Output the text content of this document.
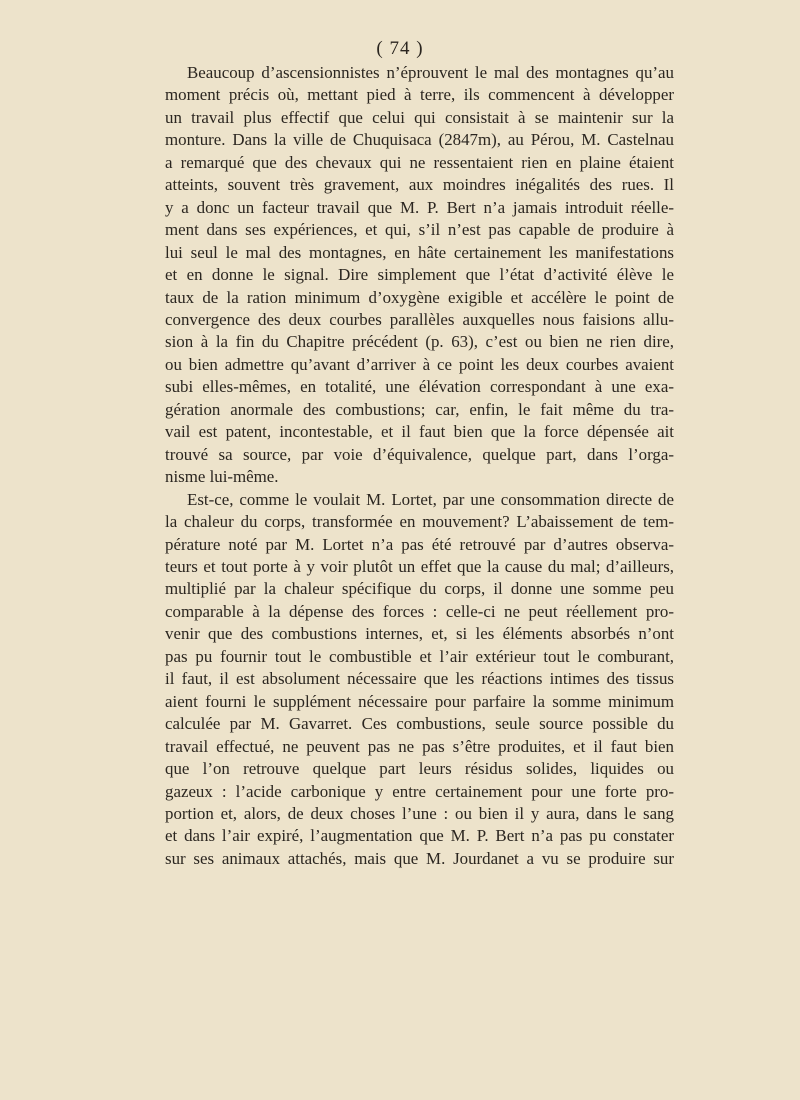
( 74 )
Beaucoup d’ascensionnistes n’éprouvent le mal des montagnes qu’au
moment précis où, mettant pied à terre, ils commencent à développer
un travail plus effectif que celui qui consistait à se maintenir sur la
monture. Dans la ville de Chuquisaca (2847m), au Pérou, M. Castelnau
a remarqué que des chevaux qui ne ressentaient rien en plaine étaient
atteints, souvent très gravement, aux moindres inégalités des rues. Il
y a donc un facteur travail que M. P. Bert n’a jamais introduit réelle-
ment dans ses expériences, et qui, s’il n’est pas capable de produire à
lui seul le mal des montagnes, en hâte certainement les manifestations
et en donne le signal. Dire simplement que l’état d’activité élève le
taux de la ration minimum d’oxygène exigible et accélère le point de
convergence des deux courbes parallèles auxquelles nous faisions allu-
sion à la fin du Chapitre précédent (p. 63), c’est ou bien ne rien dire,
ou bien admettre qu’avant d’arriver à ce point les deux courbes avaient
subi elles-mêmes, en totalité, une élévation correspondant à une exa-
gération anormale des combustions; car, enfin, le fait même du tra-
vail est patent, incontestable, et il faut bien que la force dépensée ait
trouvé sa source, par voie d’équivalence, quelque part, dans l’orga-
nisme lui-même.
Est-ce, comme le voulait M. Lortet, par une consommation directe de
la chaleur du corps, transformée en mouvement? L’abaissement de tem-
pérature noté par M. Lortet n’a pas été retrouvé par d’autres observa-
teurs et tout porte à y voir plutôt un effet que la cause du mal; d’ailleurs,
multiplié par la chaleur spécifique du corps, il donne une somme peu
comparable à la dépense des forces : celle-ci ne peut réellement pro-
venir que des combustions internes, et, si les éléments absorbés n’ont
pas pu fournir tout le combustible et l’air extérieur tout le comburant,
il faut, il est absolument nécessaire que les réactions intimes des tissus
aient fourni le supplément nécessaire pour parfaire la somme minimum
calculée par M. Gavarret. Ces combustions, seule source possible du
travail effectué, ne peuvent pas ne pas s’être produites, et il faut bien
que l’on retrouve quelque part leurs résidus solides, liquides ou
gazeux : l’acide carbonique y entre certainement pour une forte pro-
portion et, alors, de deux choses l’une : ou bien il y aura, dans le sang
et dans l’air expiré, l’augmentation que M. P. Bert n’a pas pu constater
sur ses animaux attachés, mais que M. Jourdanet a vu se produire sur
